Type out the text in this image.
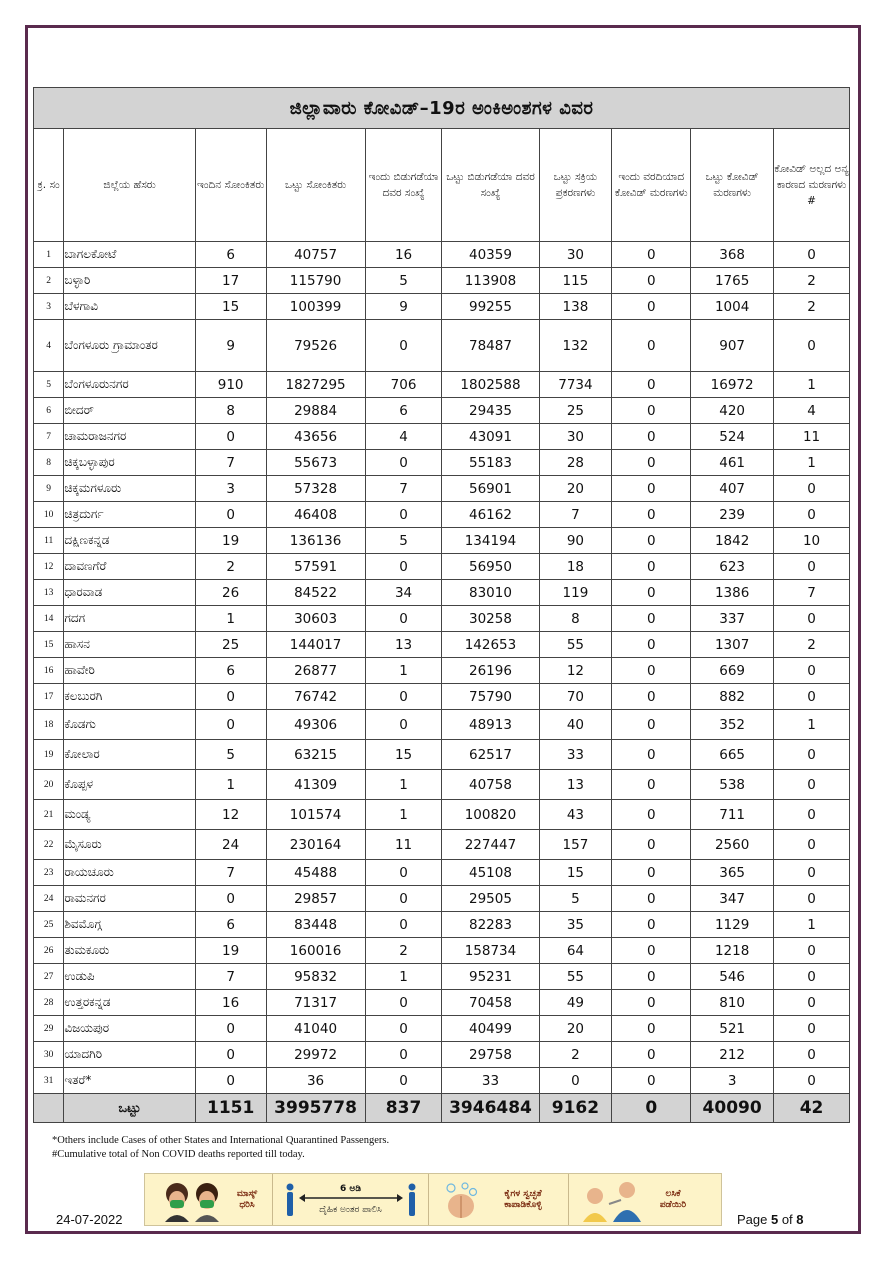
ಜಿಲ್ಲಾವಾರು ಕೋವಿಡ್–19ರ ಅಂಕಿಅಂಶಗಳ ವಿವರ									
ಕ್ರ. ಸಂ	ಜಿಲ್ಲೆಯ ಹೆಸರು	ಇಂದಿನ ಸೋಂಕಿತರು	ಒಟ್ಟು ಸೋಂಕಿತರು	ಇಂದು ಬಿಡುಗಡೆಯಾ ದವರ ಸಂಖ್ಯೆ	ಒಟ್ಟು ಬಿಡುಗಡೆಯಾ ದವರ ಸಂಖ್ಯೆ	ಒಟ್ಟು ಸಕ್ರಿಯ ಪ್ರಕರಣಗಳು	ಇಂದು ವರದಿಯಾದ ಕೋವಿಡ್ ಮರಣಗಳು	ಒಟ್ಟು ಕೋವಿಡ್ ಮರಣಗಳು	ಕೋವಿಡ್ ಅಲ್ಲದ ಅನ್ಯ ಕಾರಣದ ಮರಣಗಳು #
1	ಬಾಗಲಕೋಟೆ	6	40757	16	40359	30	0	368	0
2	ಬಳ್ಳಾರಿ	17	115790	5	113908	115	0	1765	2
3	ಬೆಳಗಾವಿ	15	100399	9	99255	138	0	1004	2
4	ಬೆಂಗಳೂರು ಗ್ರಾಮಾಂತರ	9	79526	0	78487	132	0	907	0
5	ಬೆಂಗಳೂರುನಗರ	910	1827295	706	1802588	7734	0	16972	1
6	ಬೀದರ್	8	29884	6	29435	25	0	420	4
7	ಚಾಮರಾಜನಗರ	0	43656	4	43091	30	0	524	11
8	ಚಿಕ್ಕಬಳ್ಳಾಪುರ	7	55673	0	55183	28	0	461	1
9	ಚಿಕ್ಕಮಗಳೂರು	3	57328	7	56901	20	0	407	0
10	ಚಿತ್ರದುರ್ಗ	0	46408	0	46162	7	0	239	0
11	ದಕ್ಷಿಣಕನ್ನಡ	19	136136	5	134194	90	0	1842	10
12	ದಾವಣಗೆರೆ	2	57591	0	56950	18	0	623	0
13	ಧಾರವಾಡ	26	84522	34	83010	119	0	1386	7
14	ಗದಗ	1	30603	0	30258	8	0	337	0
15	ಹಾಸನ	25	144017	13	142653	55	0	1307	2
16	ಹಾವೇರಿ	6	26877	1	26196	12	0	669	0
17	ಕಲಬುರಗಿ	0	76742	0	75790	70	0	882	0
18	ಕೊಡಗು	0	49306	0	48913	40	0	352	1
19	ಕೋಲಾರ	5	63215	15	62517	33	0	665	0
20	ಕೊಪ್ಪಳ	1	41309	1	40758	13	0	538	0
21	ಮಂಡ್ಯ	12	101574	1	100820	43	0	711	0
22	ಮೈಸೂರು	24	230164	11	227447	157	0	2560	0
23	ರಾಯಚೂರು	7	45488	0	45108	15	0	365	0
24	ರಾಮನಗರ	0	29857	0	29505	5	0	347	0
25	ಶಿವಮೊಗ್ಗ	6	83448	0	82283	35	0	1129	1
26	ತುಮಕೂರು	19	160016	2	158734	64	0	1218	0
27	ಉಡುಪಿ	7	95832	1	95231	55	0	546	0
28	ಉತ್ತರಕನ್ನಡ	16	71317	0	70458	49	0	810	0
29	ವಿಜಯಪುರ	0	41040	0	40499	20	0	521	0
30	ಯಾದಗಿರಿ	0	29972	0	29758	2	0	212	0
31	ಇತರೆ*	0	36	0	33	0	0	3	0
	ಒಟ್ಟು	1151	3995778	837	3946484	9162	0	40090	42
*Others include Cases of other States and International Quarantined Passengers.
#Cumulative total of Non COVID deaths reported till today.
ಮಾಸ್ಕ್ ಧರಿಸಿ
6 ಅಡಿ
ದೈಹಿಕ ಅಂತರ ಪಾಲಿಸಿ
ಕೈಗಳ ಸ್ವಚ್ಛತೆ ಕಾಪಾಡಿಕೊಳ್ಳಿ
ಲಸಿಕೆ ಪಡೆಯಿರಿ
24-07-2022	Page 5 of 8
